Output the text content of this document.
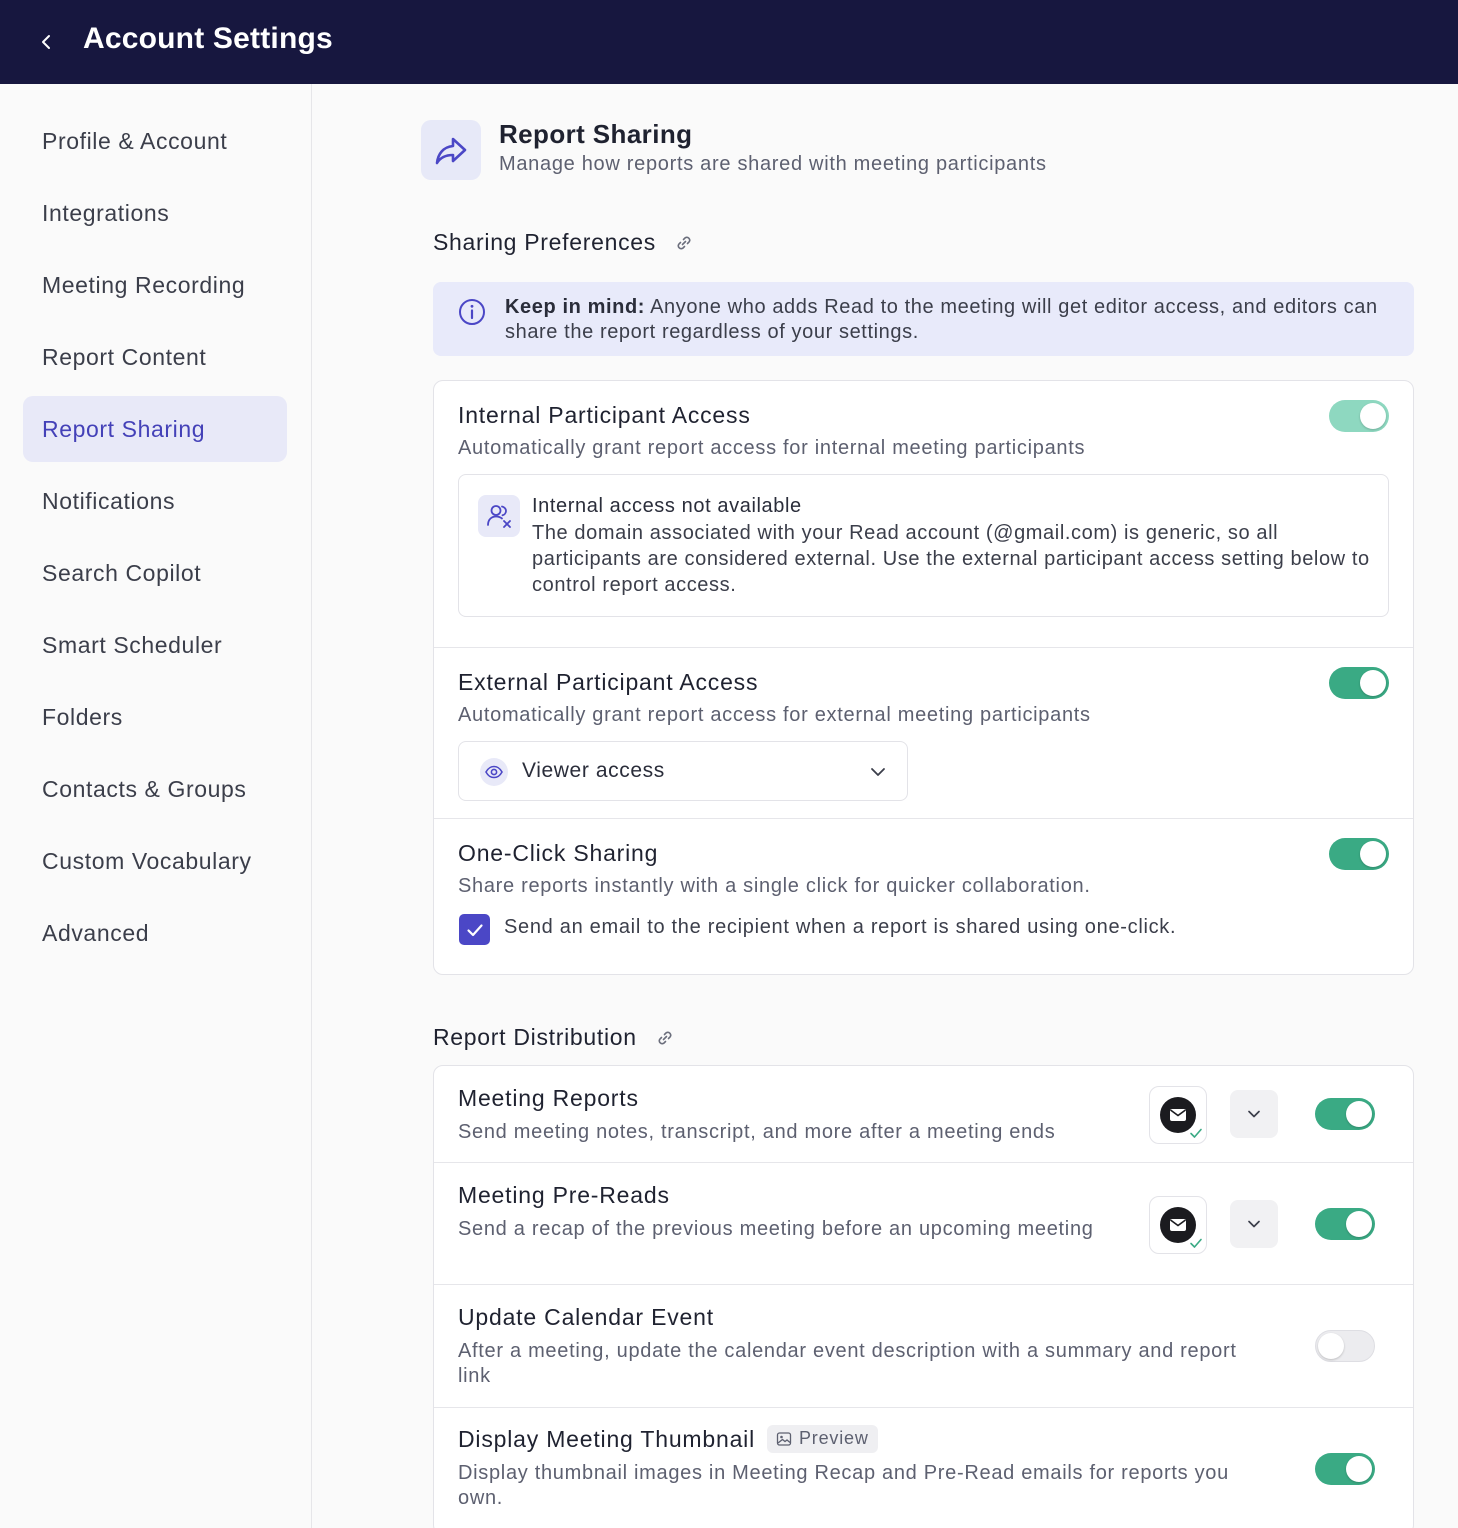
Account Settings
Profile & Account
Integrations
Meeting Recording
Report Content
Report Sharing
Notifications
Search Copilot
Smart Scheduler
Folders
Contacts & Groups
Custom Vocabulary
Advanced
Report Sharing
Manage how reports are shared with meeting participants
Sharing Preferences
Keep in mind: Anyone who adds Read to the meeting will get editor access, and editors can share the report regardless of your settings.
Internal Participant Access
Automatically grant report access for internal meeting participants
Internal access not available
The domain associated with your Read account (@gmail.com) is generic, so all participants are considered external. Use the external participant access setting below to control report access.
External Participant Access
Automatically grant report access for external meeting participants
Viewer access
One-Click Sharing
Share reports instantly with a single click for quicker collaboration.
Send an email to the recipient when a report is shared using one-click.
Report Distribution
Meeting Reports
Send meeting notes, transcript, and more after a meeting ends
Meeting Pre-Reads
Send a recap of the previous meeting before an upcoming meeting
Update Calendar Event
After a meeting, update the calendar event description with a summary and report link
Display Meeting Thumbnail Preview
Display thumbnail images in Meeting Recap and Pre-Read emails for reports you own.
